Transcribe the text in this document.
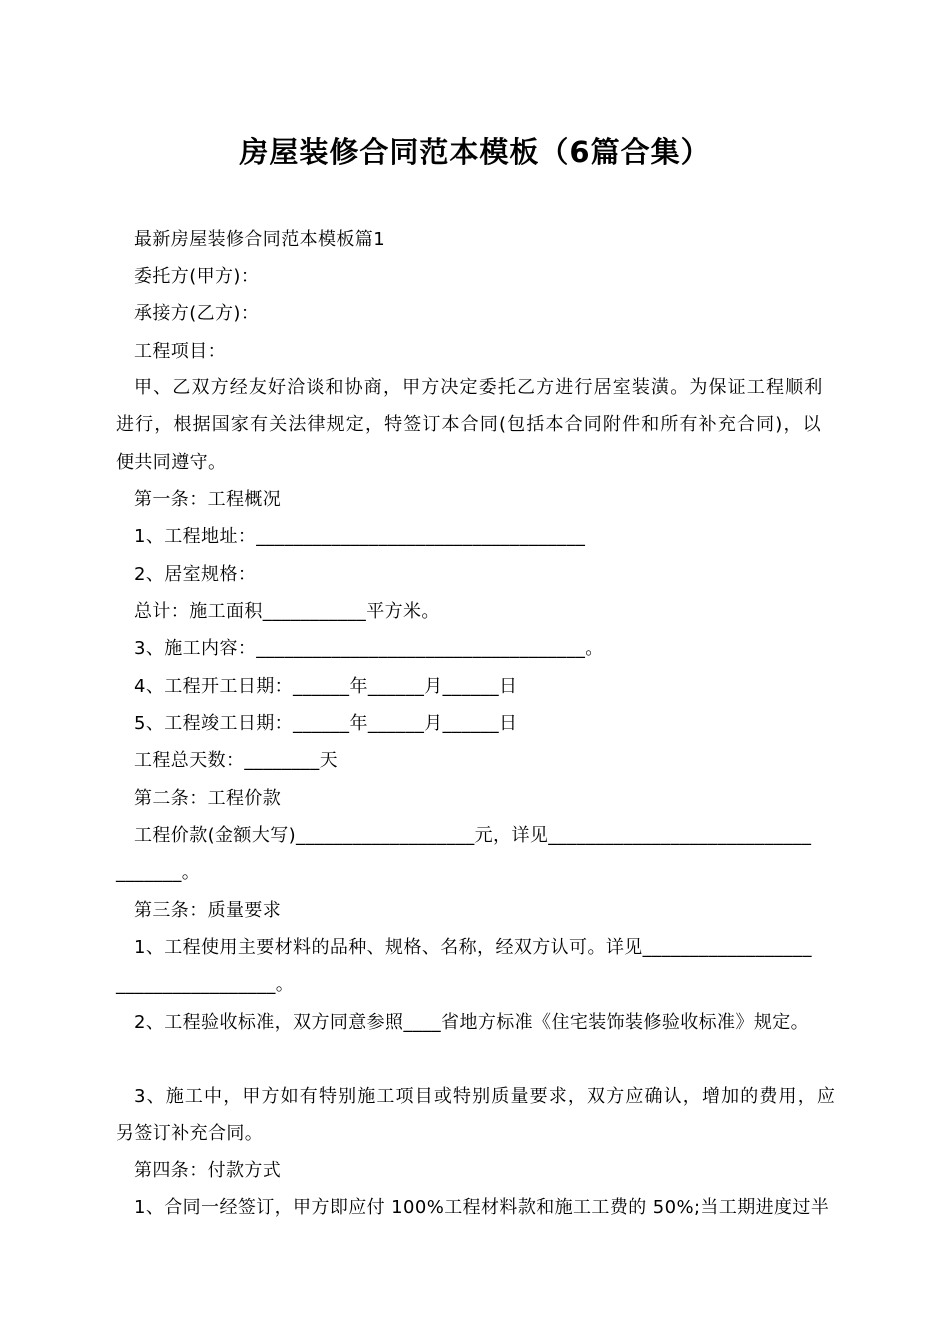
房屋装修合同范本模板（6篇合集）
最新房屋装修合同范本模板篇1
委托方(甲方)：
承接方(乙方)：
工程项目：
甲、乙双方经友好洽谈和协商，甲方决定委托乙方进行居室装潢。为保证工程顺利
进行，根据国家有关法律规定，特签订本合同(包括本合同附件和所有补充合同)，以
便共同遵守。
第一条：工程概况
1、工程地址：___________________________________
2、居室规格：
总计：施工面积___________平方米。
3、施工内容：___________________________________。
4、工程开工日期：______年______月______日
5、工程竣工日期：______年______月______日
工程总天数：________天
第二条：工程价款
工程价款(金额大写)___________________元，详见____________________________
_______。
第三条：质量要求
1、工程使用主要材料的品种、规格、名称，经双方认可。详见__________________
_________________。
2、工程验收标准，双方同意参照____省地方标准《住宅装饰装修验收标准》规定。
3、施工中，甲方如有特别施工项目或特别质量要求，双方应确认，增加的费用，应
另签订补充合同。
第四条：付款方式
1、合同一经签订，甲方即应付 100%工程材料款和施工工费的 50%;当工期进度过半
